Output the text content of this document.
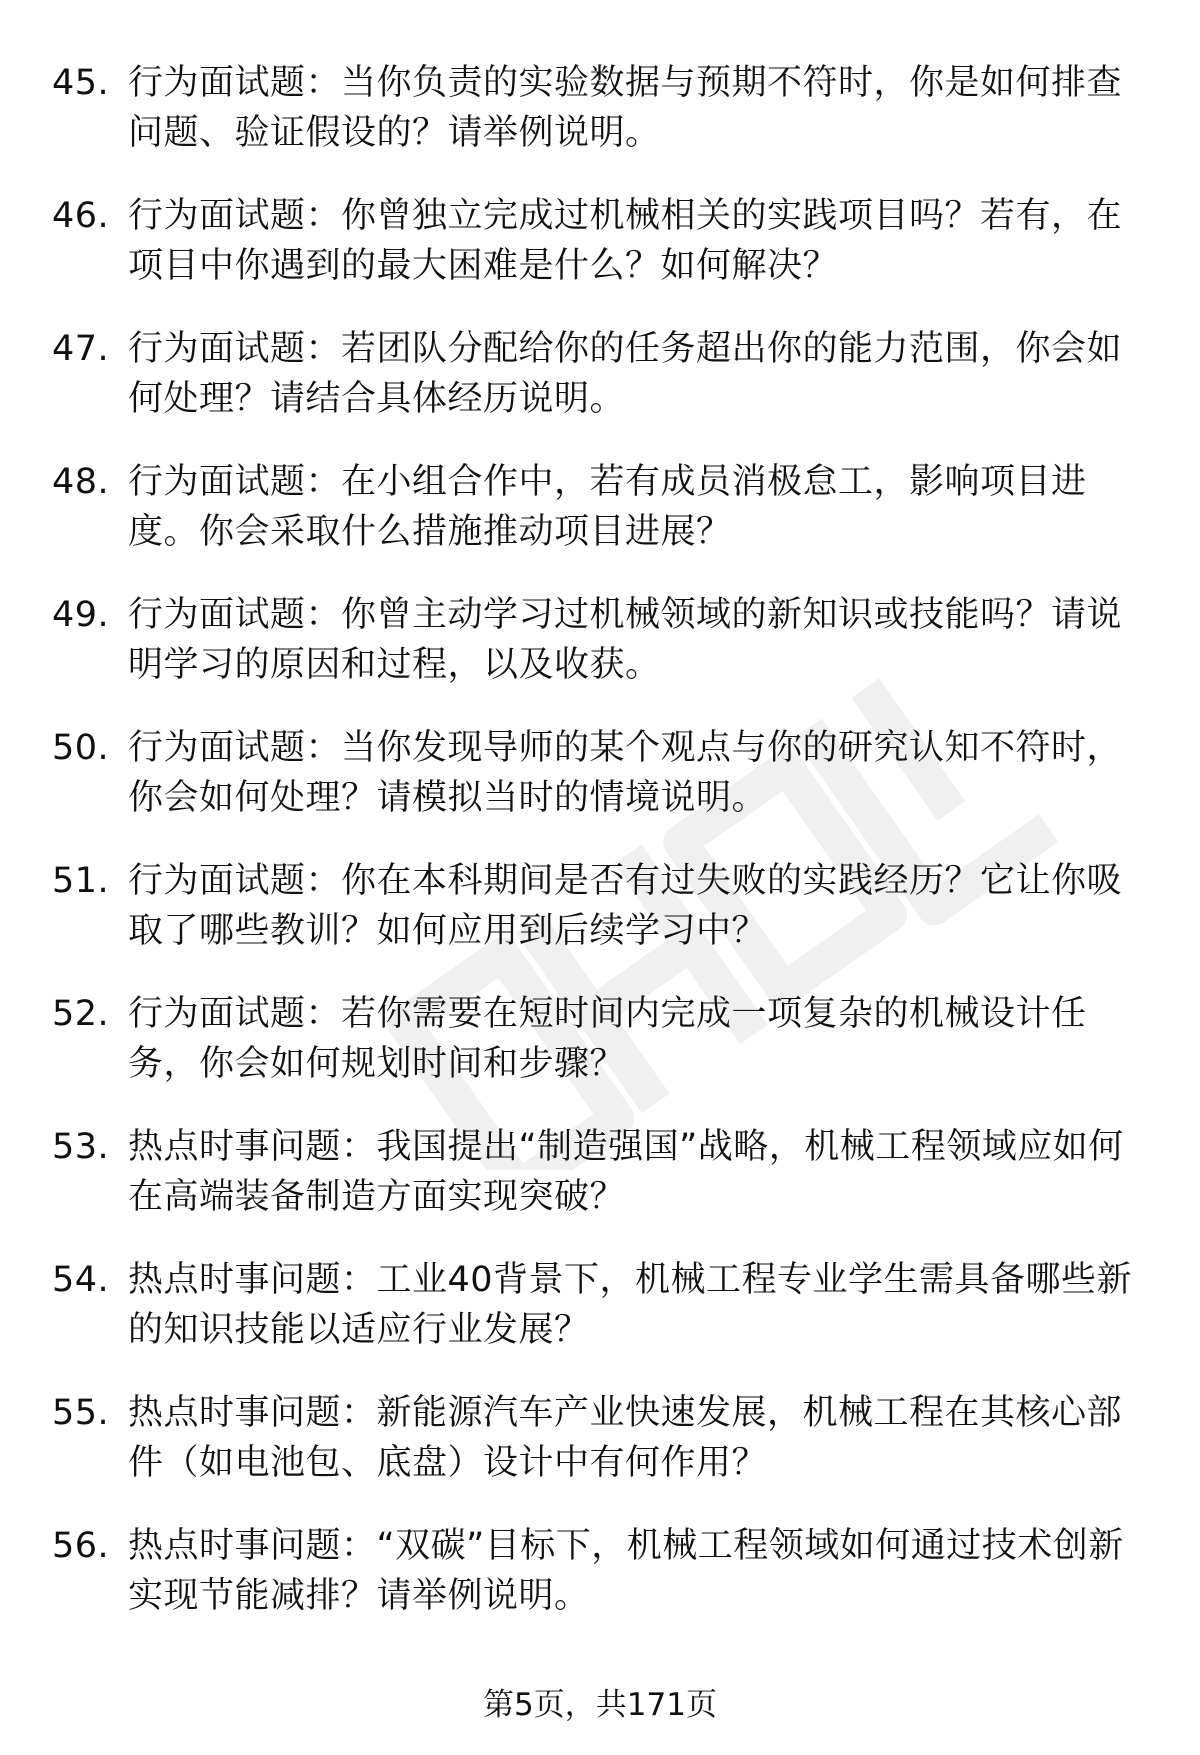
45. 行为面试题：当你负责的实验数据与预期不符时，你是如何排查问题、验证假设的？请举例说明。
46. 行为面试题：你曾独立完成过机械相关的实践项目吗？若有，在项目中你遇到的最大困难是什么？如何解决？
47. 行为面试题：若团队分配给你的任务超出你的能力范围，你会如何处理？请结合具体经历说明。
48. 行为面试题：在小组合作中，若有成员消极怠工，影响项目进度。你会采取什么措施推动项目进展？
49. 行为面试题：你曾主动学习过机械领域的新知识或技能吗？请说明学习的原因和过程，以及收获。
50. 行为面试题：当你发现导师的某个观点与你的研究认知不符时，你会如何处理？请模拟当时的情境说明。
51. 行为面试题：你在本科期间是否有过失败的实践经历？它让你吸取了哪些教训？如何应用到后续学习中？
52. 行为面试题：若你需要在短时间内完成一项复杂的机械设计任务，你会如何规划时间和步骤？
53. 热点时事问题：我国提出“制造强国”战略，机械工程领域应如何在高端装备制造方面实现突破？
54. 热点时事问题：工业40背景下，机械工程专业学生需具备哪些新的知识技能以适应行业发展？
55. 热点时事问题：新能源汽车产业快速发展，机械工程在其核心部件（如电池包、底盘）设计中有何作用？
56. 热点时事问题：“双碳”目标下，机械工程领域如何通过技术创新实现节能减排？请举例说明。
第5页，共171页
